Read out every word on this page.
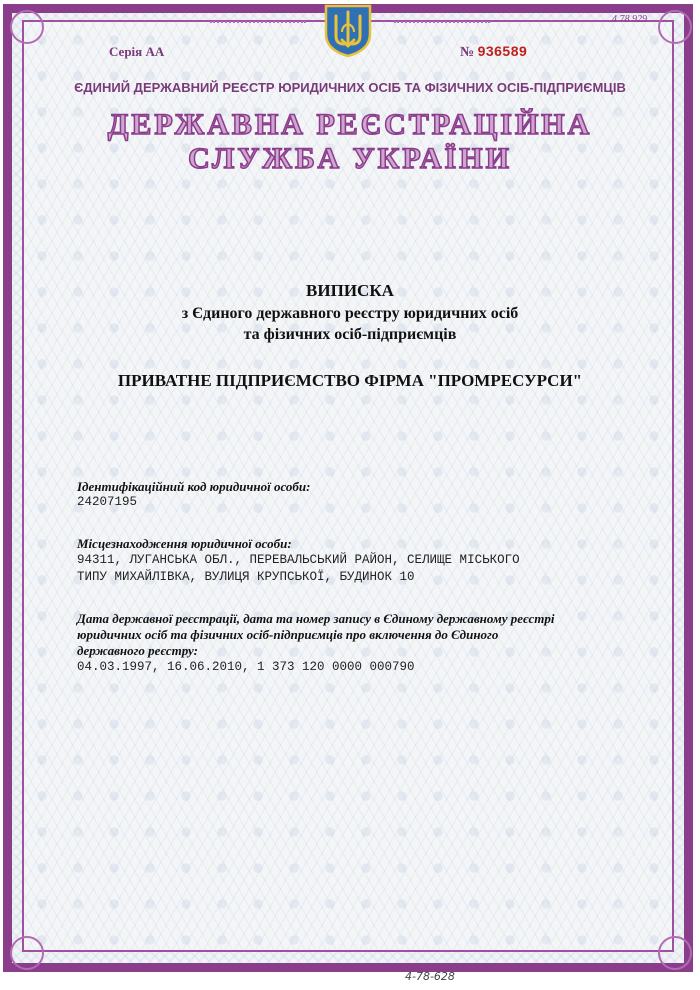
Серія АА	№ 936589
4 78 929
ЄДИНИЙ ДЕРЖАВНИЙ РЕЄСТР ЮРИДИЧНИХ ОСІБ ТА ФІЗИЧНИХ ОСІБ-ПІДПРИЄМЦІВ
ДЕРЖАВНА РЕЄСТРАЦІЙНА
СЛУЖБА УКРАЇНИ
ВИПИСКА
з Єдиного державного реєстру юридичних осіб
та фізичних осіб-підприємців
ПРИВАТНЕ ПІДПРИЄМСТВО ФІРМА "ПРОМРЕСУРСИ"
Ідентифікаційний код юридичної особи:
24207195
Місцезнаходження юридичної особи:
94311, ЛУГАНСЬКА ОБЛ., ПЕРЕВАЛЬСЬКИЙ РАЙОН, СЕЛИЩЕ МІСЬКОГО
ТИПУ МИХАЙЛІВКА, ВУЛИЦЯ КРУПСЬКОЇ, БУДИНОК 10
Дата державної реєстрації, дата та номер запису в Єдиному державному реєстрі
юридичних осіб та фізичних осіб-підприємців про включення до Єдиного
державного реєстру:
04.03.1997, 16.06.2010, 1 373 120 0000 000790
4-78-628
